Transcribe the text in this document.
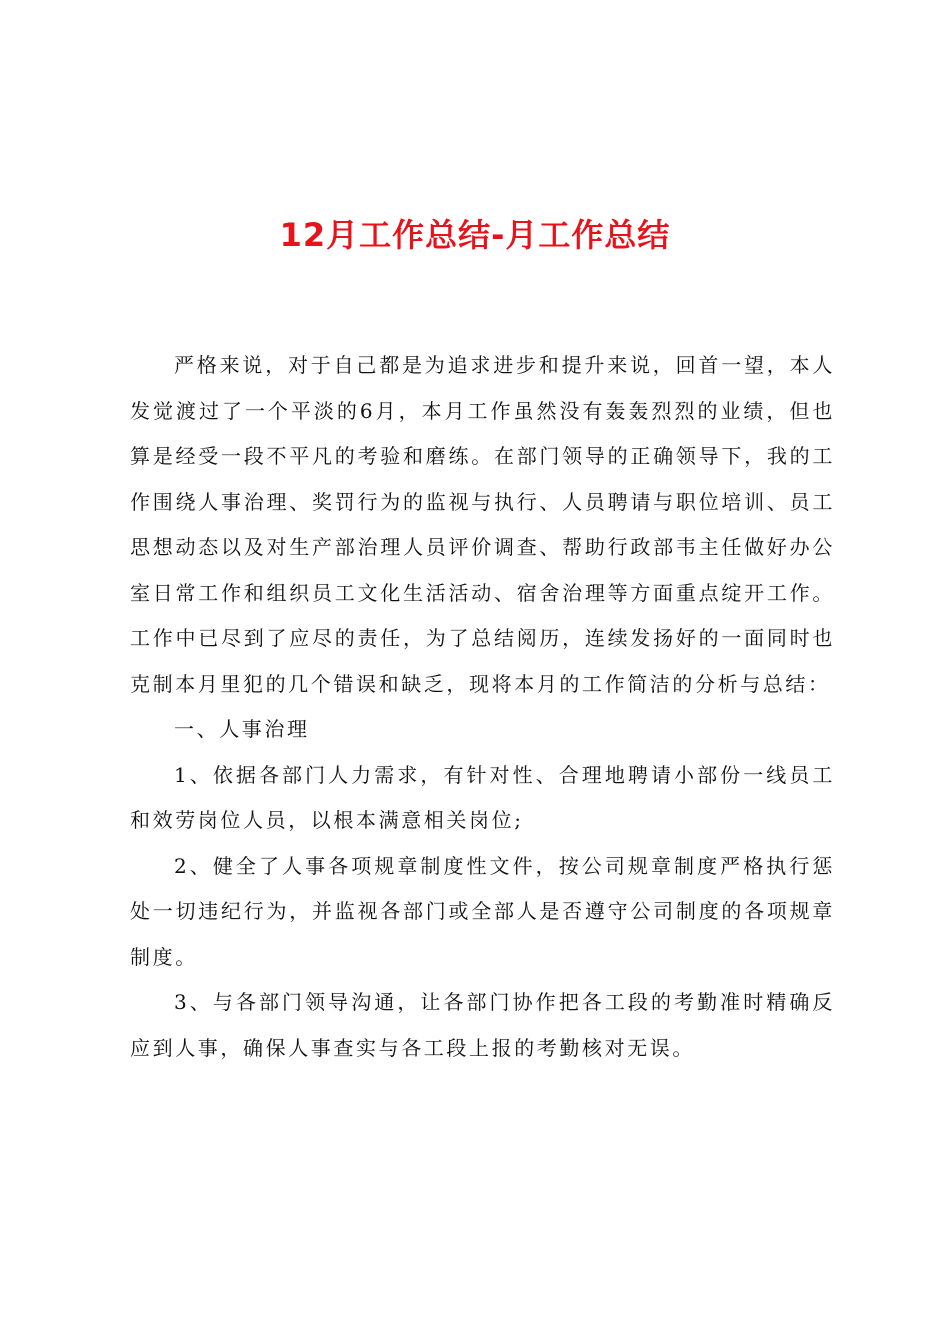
12月工作总结-月工作总结

严格来说，对于自己都是为追求进步和提升来说，回首一望，本人发觉渡过了一个平淡的6月，本月工作虽然没有轰轰烈烈的业绩，但也算是经受一段不平凡的考验和磨练。在部门领导的正确领导下，我的工作围绕人事治理、奖罚行为的监视与执行、人员聘请与职位培训、员工思想动态以及对生产部治理人员评价调查、帮助行政部韦主任做好办公室日常工作和组织员工文化生活活动、宿舍治理等方面重点绽开工作。工作中已尽到了应尽的责任，为了总结阅历，连续发扬好的一面同时也克制本月里犯的几个错误和缺乏，现将本月的工作简洁的分析与总结：

一、人事治理

1、依据各部门人力需求，有针对性、合理地聘请小部份一线员工和效劳岗位人员，以根本满意相关岗位;

2、健全了人事各项规章制度性文件，按公司规章制度严格执行惩处一切违纪行为，并监视各部门或全部人是否遵守公司制度的各项规章制度。

3、与各部门领导沟通，让各部门协作把各工段的考勤准时精确反应到人事，确保人事查实与各工段上报的考勤核对无误。
